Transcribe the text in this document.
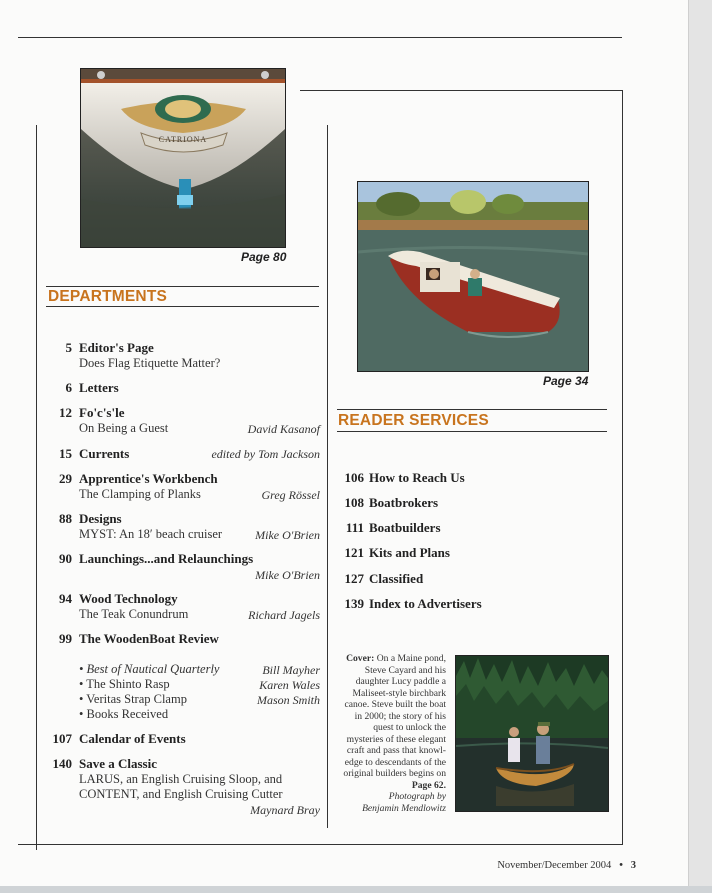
CATRIONA
Page 80
Page 34
DEPARTMENTS
5 Editor's Page
Does Flag Etiquette Matter?
6 Letters
12 Fo'c's'le
On Being a Guest	David Kasanof
15 Currents	edited by Tom Jackson
29 Apprentice's Workbench
The Clamping of Planks	Greg Rössel
88 Designs
MYST: An 18′ beach cruiser	Mike O'Brien
90 Launchings...and Relaunchings
Mike O'Brien
94 Wood Technology
The Teak Conundrum	Richard Jagels
99 The WoodenBoat Review
• Best of Nautical Quarterly	Bill Mayher
• The Shinto Rasp	Karen Wales
• Veritas Strap Clamp	Mason Smith
• Books Received
107 Calendar of Events
140 Save a Classic
LARUS, an English Cruising Sloop, and
CONTENT, and English Cruising Cutter
Maynard Bray
READER SERVICES
106 How to Reach Us
108 Boatbrokers
111 Boatbuilders
121 Kits and Plans
127 Classified
139 Index to Advertisers
Cover: On a Maine pond, Steve Cayard and his daughter Lucy paddle a Maliseet-style birchbark canoe. Steve built the boat in 2000; the story of his quest to unlock the mysteries of these elegant craft and pass that knowl-edge to descendants of the original builders begins on Page 62.
Photograph by
Benjamin Mendlowitz
November/December 2004 • 3
